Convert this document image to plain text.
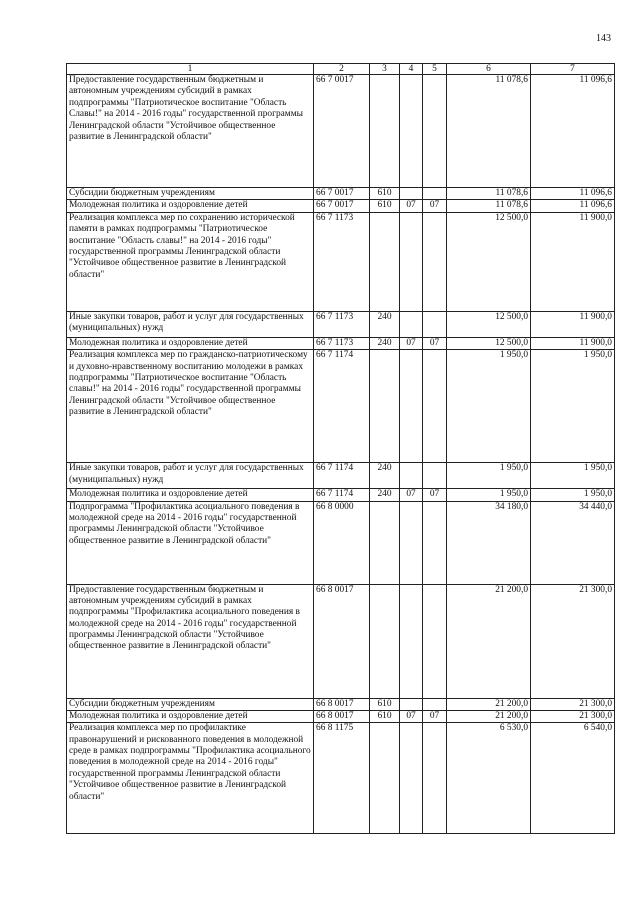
143
1	2	3	4	5	6	7
Предоставление государственным бюджетным и автономным учреждениям субсидий в рамках подпрограммы "Патриотическое воспитание "Область Славы!" на 2014 - 2016 годы" государственной программы Ленинградской области "Устойчивое общественное развитие в Ленинградской области"	66 7 0017				11 078,6	11 096,6
Субсидии бюджетным учреждениям	66 7 0017	610			11 078,6	11 096,6
Молодежная политика и оздоровление детей	66 7 0017	610	07	07	11 078,6	11 096,6
Реализация комплекса мер по сохранению исторической памяти в рамках подпрограммы "Патриотическое воспитание "Область славы!" на 2014 - 2016 годы" государственной программы Ленинградской области "Устойчивое общественное развитие в Ленинградской области"	66 7 1173				12 500,0	11 900,0
Иные закупки товаров, работ и услуг для государственных (муниципальных) нужд	66 7 1173	240			12 500,0	11 900,0
Молодежная политика и оздоровление детей	66 7 1173	240	07	07	12 500,0	11 900,0
Реализация комплекса мер по гражданско-патриотическому и духовно-нравственному воспитанию молодежи в рамках подпрограммы "Патриотическое воспитание "Область славы!" на 2014 - 2016 годы" государственной программы Ленинградской области "Устойчивое общественное развитие в Ленинградской области"	66 7 1174				1 950,0	1 950,0
Иные закупки товаров, работ и услуг для государственных (муниципальных) нужд	66 7 1174	240			1 950,0	1 950,0
Молодежная политика и оздоровление детей	66 7 1174	240	07	07	1 950,0	1 950,0
Подпрограмма "Профилактика асоциального поведения в молодежной среде на 2014 - 2016 годы" государственной программы Ленинградской области "Устойчивое общественное развитие в Ленинградской области"	66 8 0000				34 180,0	34 440,0
Предоставление государственным бюджетным и автономным учреждениям субсидий в рамках подпрограммы "Профилактика асоциального поведения в молодежной среде на 2014 - 2016 годы" государственной программы Ленинградской области "Устойчивое общественное развитие в Ленинградской области"	66 8 0017				21 200,0	21 300,0
Субсидии бюджетным учреждениям	66 8 0017	610			21 200,0	21 300,0
Молодежная политика и оздоровление детей	66 8 0017	610	07	07	21 200,0	21 300,0
Реализация комплекса мер по профилактике правонарушений и рискованного поведения в молодежной среде в рамках подпрограммы "Профилактика асоциального поведения в молодежной среде на 2014 - 2016 годы" государственной программы Ленинградской области "Устойчивое общественное развитие в Ленинградской области"	66 8 1175				6 530,0	6 540,0
